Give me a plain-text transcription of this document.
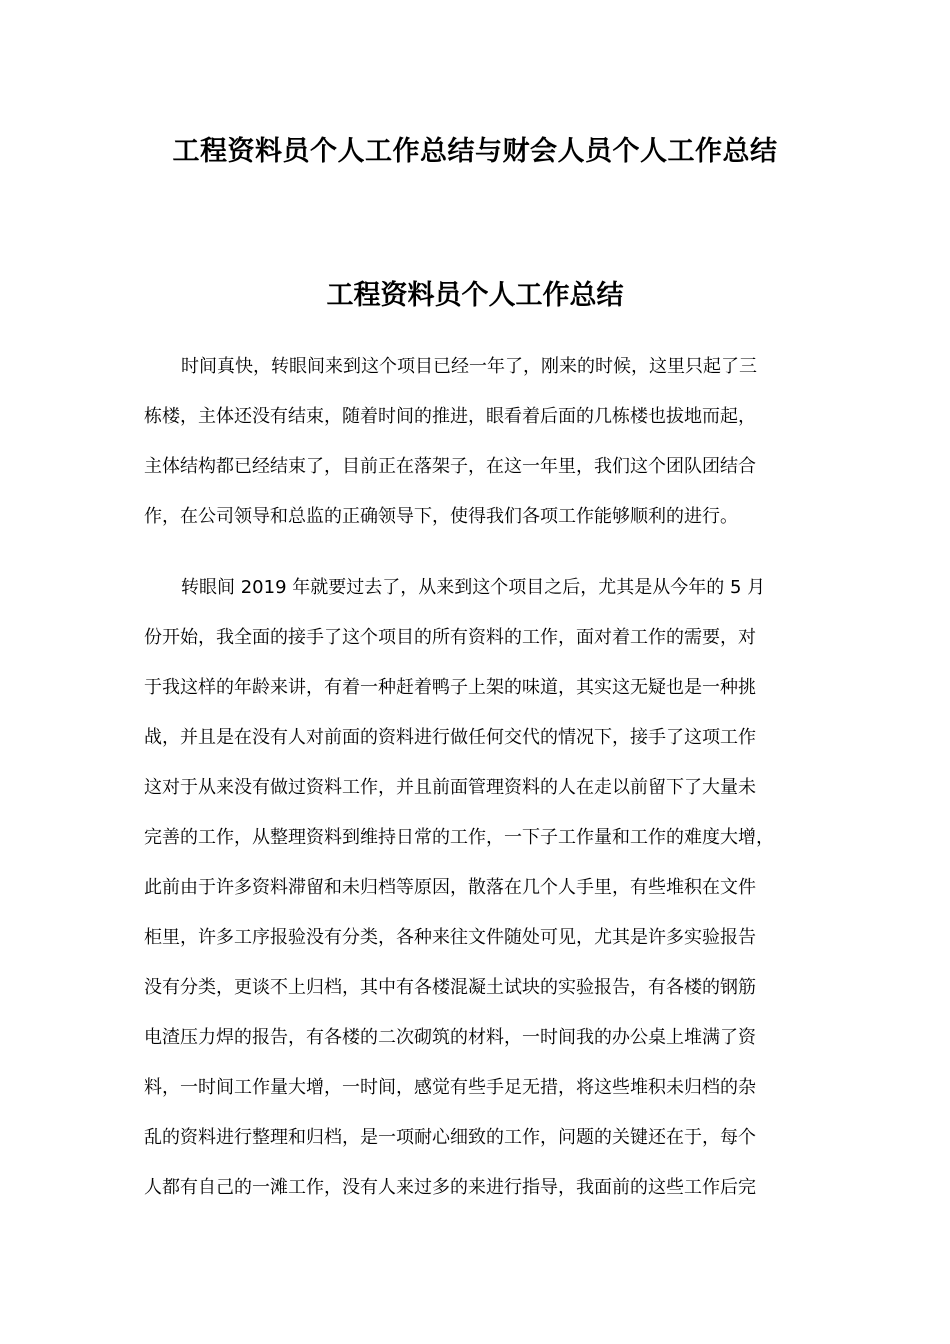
工程资料员个人工作总结与财会人员个人工作总结
工程资料员个人工作总结
时间真快，转眼间来到这个项目已经一年了，刚来的时候，这里只起了三
栋楼，主体还没有结束，随着时间的推进，眼看着后面的几栋楼也拔地而起，
主体结构都已经结束了，目前正在落架子，在这一年里，我们这个团队团结合
作，在公司领导和总监的正确领导下，使得我们各项工作能够顺利的进行。
转眼间 2019 年就要过去了，从来到这个项目之后，尤其是从今年的 5 月
份开始，我全面的接手了这个项目的所有资料的工作，面对着工作的需要，对
于我这样的年龄来讲，有着一种赶着鸭子上架的味道，其实这无疑也是一种挑
战，并且是在没有人对前面的资料进行做任何交代的情况下，接手了这项工作
这对于从来没有做过资料工作，并且前面管理资料的人在走以前留下了大量未
完善的工作，从整理资料到维持日常的工作，一下子工作量和工作的难度大增，
此前由于许多资料滞留和未归档等原因，散落在几个人手里，有些堆积在文件
柜里，许多工序报验没有分类，各种来往文件随处可见，尤其是许多实验报告
没有分类，更谈不上归档，其中有各楼混凝土试块的实验报告，有各楼的钢筋
电渣压力焊的报告，有各楼的二次砌筑的材料，一时间我的办公桌上堆满了资
料，一时间工作量大增，一时间，感觉有些手足无措，将这些堆积未归档的杂
乱的资料进行整理和归档，是一项耐心细致的工作，问题的关键还在于，每个
人都有自己的一滩工作，没有人来过多的来进行指导，我面前的这些工作后完
